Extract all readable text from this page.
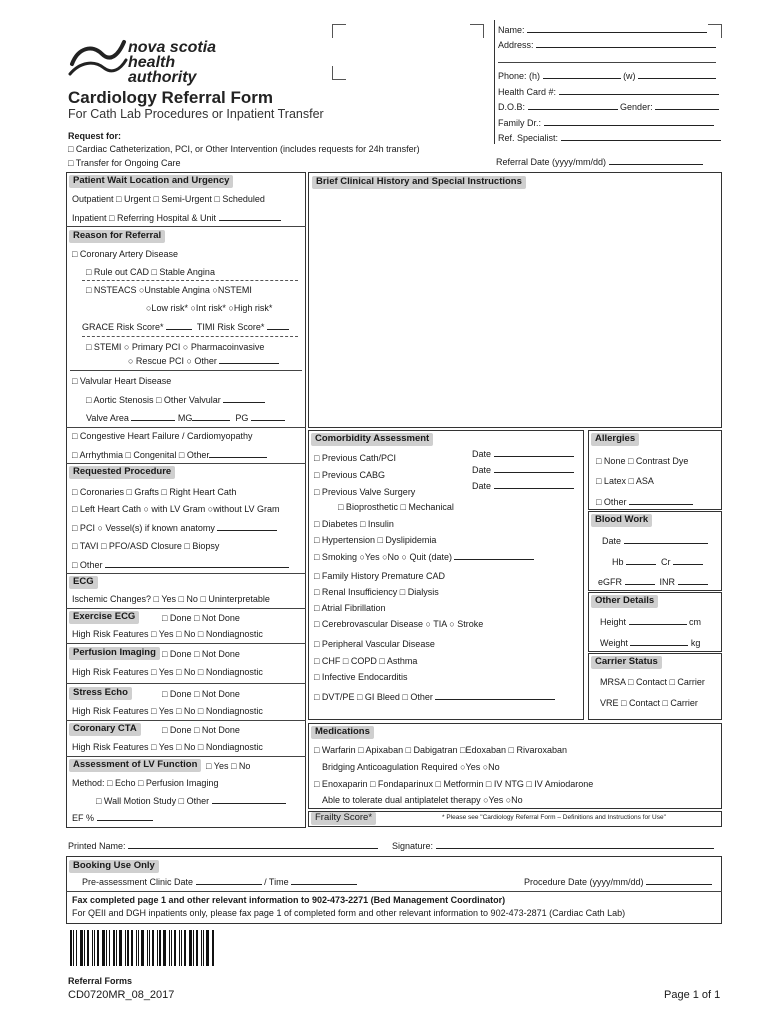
nova scotia
health authority
Cardiology Referral Form
For Cath Lab Procedures or Inpatient Transfer
Request for:
□ Cardiac Catheterization, PCI, or Other Intervention (includes requests for 24h transfer)
□ Transfer for Ongoing Care
Name:
Address:
Phone: (h)	(w)
Health Card #:
D.O.B:	Gender:
Family Dr.:
Ref. Specialist:
Referral Date (yyyy/mm/dd)
Brief Clinical History and Special Instructions
Patient Wait Location and Urgency
Outpatient □ Urgent □ Semi-Urgent □ Scheduled
Inpatient □ Referring Hospital & Unit
Reason for Referral
□ Coronary Artery Disease
□ Rule out CAD □ Stable Angina
□ NSTEACS ○Unstable Angina ○NSTEMI
○Low risk* ○Int risk* ○High risk*
GRACE Risk Score*	TIMI Risk Score*
□ STEMI ○ Primary PCI ○ Pharmacoinvasive
○ Rescue PCI ○ Other
□ Valvular Heart Disease
□ Aortic Stenosis □ Other Valvular
Valve Area	MG	PG
□ Congestive Heart Failure / Cardiomyopathy
□ Arrhythmia □ Congenital □ Other
Requested Procedure
□ Coronaries □ Grafts □ Right Heart Cath
□ Left Heart Cath ○ with LV Gram ○without LV Gram
□ PCI ○ Vessel(s) if known anatomy
□ TAVI □ PFO/ASD Closure □ Biopsy
□ Other
ECG
Ischemic Changes? □ Yes □ No □ Uninterpretable
Exercise ECG	□ Done □ Not Done
High Risk Features □ Yes □ No □ Nondiagnostic
Perfusion Imaging □ Done □ Not Done
High Risk Features □ Yes □ No □ Nondiagnostic
Stress Echo	□ Done □ Not Done
High Risk Features □ Yes □ No □ Nondiagnostic
Coronary CTA	□ Done □ Not Done
High Risk Features □ Yes □ No □ Nondiagnostic
Assessment of LV Function □ Yes □ No
Method: □ Echo □ Perfusion Imaging
□ Wall Motion Study □ Other
EF %
Comorbidity Assessment
□ Previous Cath/PCI	Date
□ Previous CABG	Date
□ Previous Valve Surgery
Date
□ Bioprosthetic □ Mechanical
□ Diabetes □ Insulin
□ Hypertension □ Dyslipidemia
□ Smoking ○Yes ○No ○ Quit (date)
□ Family History Premature CAD
□ Renal Insufficiency □ Dialysis
□ Atrial Fibrillation
□ Cerebrovascular Disease ○ TIA ○ Stroke
□ Peripheral Vascular Disease
□ CHF □ COPD □ Asthma
□ Infective Endocarditis
□ DVT/PE □ GI Bleed □ Other
Allergies
□ None □ Contrast Dye
□ Latex □ ASA
□ Other
Blood Work
Date
Hb	Cr
eGFR	INR
Other Details
Height	cm
Weight	kg
Carrier Status
MRSA □ Contact □ Carrier
VRE □ Contact □ Carrier
Medications
□ Warfarin □ Apixaban □ Dabigatran □Edoxaban □ Rivaroxaban
Bridging Anticoagulation Required ○Yes ○No
□ Enoxaparin □ Fondaparinux □ Metformin □ IV NTG □ IV Amiodarone
Able to tolerate dual antiplatelet therapy ○Yes ○No
Frailty Score*	* Please see "Cardiology Referral Form – Definitions and Instructions for Use"
Printed Name:	Signature:
Booking Use Only
Pre-assessment Clinic Date	/ Time	Procedure Date (yyyy/mm/dd)
Fax completed page 1 and other relevant information to 902-473-2271 (Bed Management Coordinator)
For QEII and DGH inpatients only, please fax page 1 of completed form and other relevant information to 902-473-2871 (Cardiac Cath Lab)
Referral Forms
CD0720MR_08_2017	Page 1 of 1
